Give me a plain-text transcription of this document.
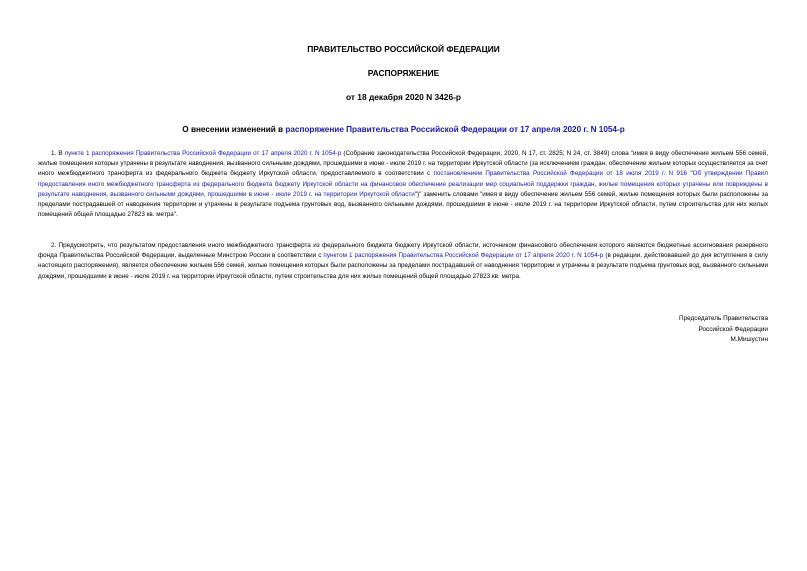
ПРАВИТЕЛЬСТВО РОССИЙСКОЙ ФЕДЕРАЦИИ

РАСПОРЯЖЕНИЕ

от 18 декабря 2020 N 3426-р

О внесении изменений в распоряжение Правительства Российской Федерации от 17 апреля 2020 г. N 1054-р

1. В пункте 1 распоряжения Правительства Российской Федерации от 17 апреля 2020 г. N 1054-р (Собрание законодательства Российской Федерации, 2020, N 17, ст. 2825; N 24, ст. 3849) слова "имея в виду обеспечение жильем 556 семей, жилые помещения которых утрачены в результате наводнения, вызванного сильными дождями, прошедшими в июне - июле 2019 г. на территории Иркутской области (за исключением граждан, обеспечение жильем которых осуществляется за счет иного межбюджетного трансферта из федерального бюджета бюджету Иркутской области, предоставляемого в соответствии с постановлением Правительства Российской Федерации от 18 июля 2019 г. N 916 "Об утверждении Правил предоставления иного межбюджетного трансферта из федерального бюджета бюджету Иркутской области на финансовое обеспечение реализации мер социальной поддержки граждан, жилые помещения которых утрачены или повреждены в результате наводнения, вызванного сильными дождями, прошедшими в июне - июле 2019 г. на территории Иркутской области")" заменить словами "имея в виду обеспечение жильем 556 семей, жилые помещения которых были расположены за пределами пострадавшей от наводнения территории и утрачены в результате подъема грунтовых вод, вызванного сильными дождями, прошедшими в июне - июле 2019 г. на территории Иркутской области, путем строительства для них жилых помещений общей площадью 27823 кв. метра".

2. Предусмотреть, что результатом предоставления иного межбюджетного трансферта из федерального бюджета бюджету Иркутской области, источником финансового обеспечения которого являются бюджетные ассигнования резервного фонда Правительства Российской Федерации, выделенные Минстрою России в соответствии с пунктом 1 распоряжения Правительства Российской Федерации от 17 апреля 2020 г. N 1054-р (в редакции, действовавшей до дня вступления в силу настоящего распоряжения), является обеспечение жильем 556 семей, жилые помещения которых были расположены за пределами пострадавшей от наводнения территории и утрачены в результате подъема грунтовых вод, вызванного сильными дождями, прошедшими в июне - июле 2019 г. на территории Иркутской области, путем строительства для них жилых помещений общей площадью 27823 кв. метра.

Председатель Правительства

Российской Федерации

М.Мишустин
